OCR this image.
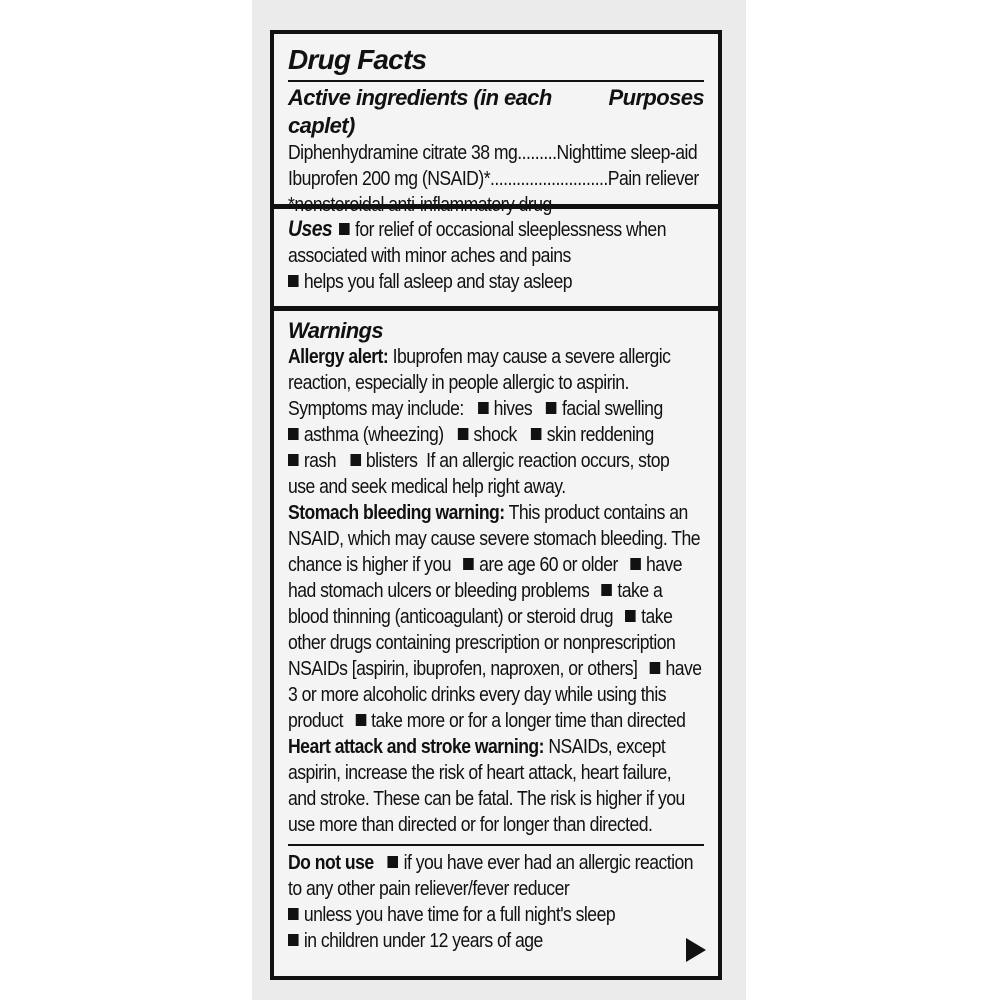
Drug Facts
Active ingredients (in each caplet)
Purposes
Diphenhydramine citrate 38 mg.........Nighttime sleep-aid
Ibuprofen 200 mg (NSAID)*...........................Pain reliever
Uses for relief of occasional sleeplessness when
associated with minor aches and pains
helps you fall asleep and stay asleep
Warnings
Allergy alert: Ibuprofen may cause a severe allergic
reaction, especially in people allergic to aspirin.
Symptoms may include: hives facial swelling
asthma (wheezing) shock skin reddening
rash blisters If an allergic reaction occurs, stop
use and seek medical help right away.
Stomach bleeding warning: This product contains an
NSAID, which may cause severe stomach bleeding. The
chance is higher if you are age 60 or older have
had stomach ulcers or bleeding problems take a
blood thinning (anticoagulant) or steroid drug take
other drugs containing prescription or nonprescription
NSAIDs [aspirin, ibuprofen, naproxen, or others] have
3 or more alcoholic drinks every day while using this
product take more or for a longer time than directed
Heart attack and stroke warning: NSAIDs, except
aspirin, increase the risk of heart attack, heart failure,
and stroke. These can be fatal. The risk is higher if you
use more than directed or for longer than directed.
Do not use if you have ever had an allergic reaction
to any other pain reliever/fever reducer
unless you have time for a full night's sleep
in children under 12 years of age
